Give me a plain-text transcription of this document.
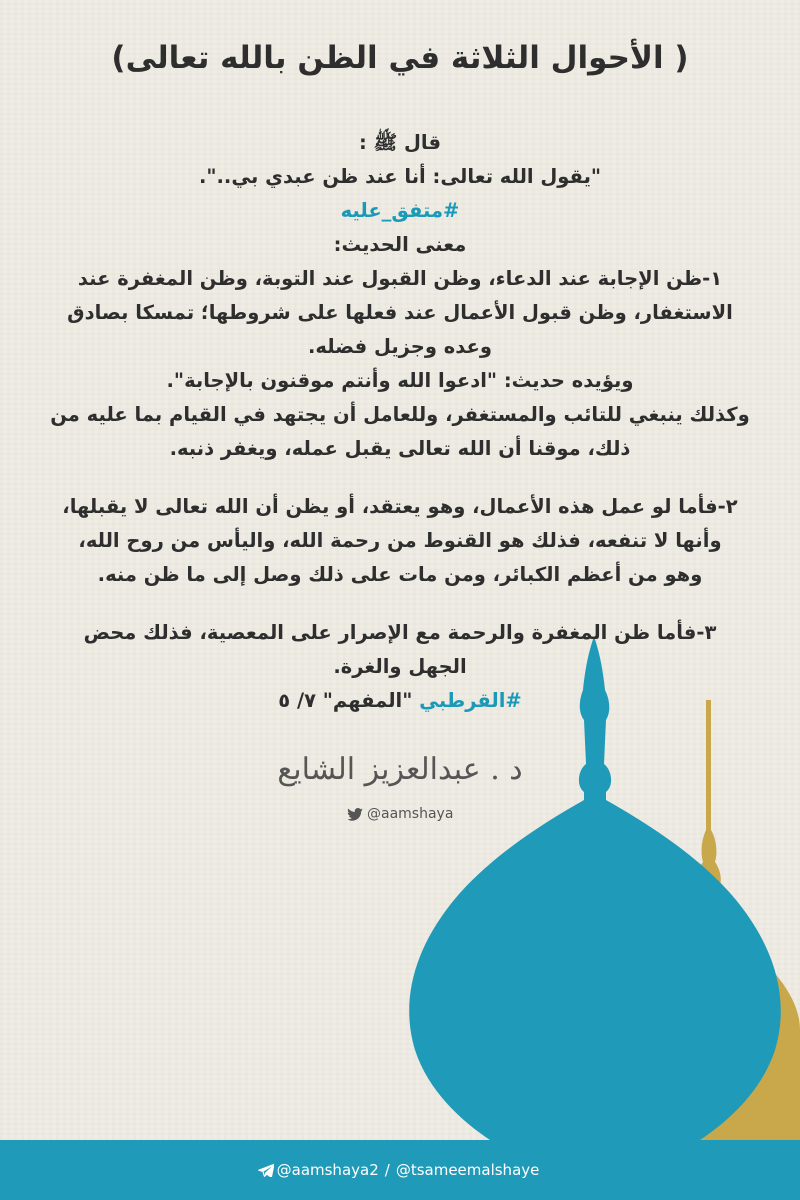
( الأحوال الثلاثة في الظن بالله تعالى)
قال ﷺ :
"يقول الله تعالى: أنا عند ظن عبدي بي..".
#متفق_عليه
معنى الحديث:
١-ظن الإجابة عند الدعاء، وظن القبول عند التوبة، وظن المغفرة عند
الاستغفار، وظن قبول الأعمال عند فعلها على شروطها؛ تمسكا بصادق
وعده وجزيل فضله.
ويؤيده حديث: "ادعوا الله وأنتم موقنون بالإجابة".
وكذلك ينبغي للتائب والمستغفر، وللعامل أن يجتهد في القيام بما عليه من
ذلك، موقنا أن الله تعالى يقبل عمله، ويغفر ذنبه.
٢-فأما لو عمل هذه الأعمال، وهو يعتقد، أو يظن أن الله تعالى لا يقبلها،
وأنها لا تنفعه، فذلك هو القنوط من رحمة الله، واليأس من روح الله،
وهو من أعظم الكبائر، ومن مات على ذلك وصل إلى ما ظن منه.
٣-فأما ظن المغفرة والرحمة مع الإصرار على المعصية، فذلك محض
الجهل والغرة.
#القرطبي "المفهم" ٧/ ٥
د . عبدالعزيز الشايع
@aamshaya
@aamshaya2 / @tsameemalshaye
